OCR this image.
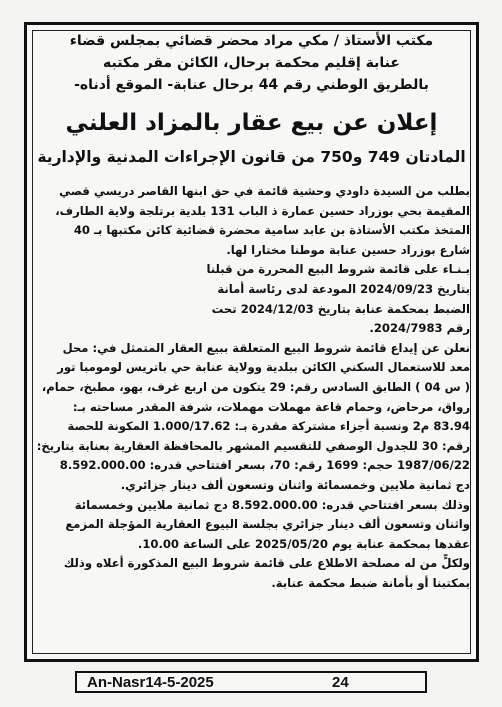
مكتب الأستاذ / مكي مراد محضر قضائي بمجلس قضاء
عنابة إقليم محكمة برحال، الكائن مقر مكتبه
بالطريق الوطني رقم 44 برحال عنابة- الموقع أدناه-
إعلان عن بيع عقار بالمزاد العلني
المادتان 749 و750 من قانون الإجراءات المدنية والإدارية
بطلب من السيدة داودي وحشية قائمة في حق ابنها القاصر دريسي قصي
المقيمة بحي بوزراد حسين عمارة ذ الباب 131 بلدية برتلجة ولاية الطارف،
المتخذ مكتب الأستاذة بن عابد سامية محضرة قضائية كائن مكتبها بـ 40
شارع بوزراد حسين عنابة موطنا مختارا لها.
بـنـاء على قائمة شروط البيع المحررة من قبلنا
بتاريخ 2024/09/23 المودعة لدى رئاسة أمانة
الضبط بمحكمة عنابة بتاريخ 2024/12/03 تحت
رقم 2024/7983.
نعلن عن إيداع قائمة شروط البيع المتعلقة ببيع العقار المتمثل في: محل
معد للاستعمال السكني الكائن ببلدية وولاية عنابة حي باتريس لومومبا تور
( س 04 ) الطابق السادس رقم: 29 يتكون من اربع غرف، بهو، مطبخ، حمام،
رواق، مرحاض، وحمام قاعة مهملات مهملات، شرفة المقدر مساحته بـ:
83.94 م2 ونسبة أجزاء مشتركة مقدرة بـ: 1.000/17.62 المكونة للحصة
رقم: 30 للجدول الوصفي للتقسيم المشهر بالمحافظة العقارية بعنابة بتاريخ:
1987/06/22 حجم: 1699 رقم: 70، بسعر افتتاحي قدره: 8.592.000.00
دج ثمانية ملايين وخمسمائة واثنان وتسعون ألف دينار جزائري.
وذلك بسعر افتتاحي قدره: 8.592.000.00 دج ثمانية ملايين وخمسمائة
واثنان وتسعون ألف دينار جزائري بجلسة البيوع العقارية المؤجلة المزمع
عقدها بمحكمة عنابة يوم 2025/05/20 على الساعة 10.00.
ولكلٍّ من له مصلحة الاطلاع على قائمة شروط البيع المذكورة أعلاه وذلك
بمكتبنا أو بأمانة ضبط محكمة عنابة.
An-Nasr14-5-2025	24
